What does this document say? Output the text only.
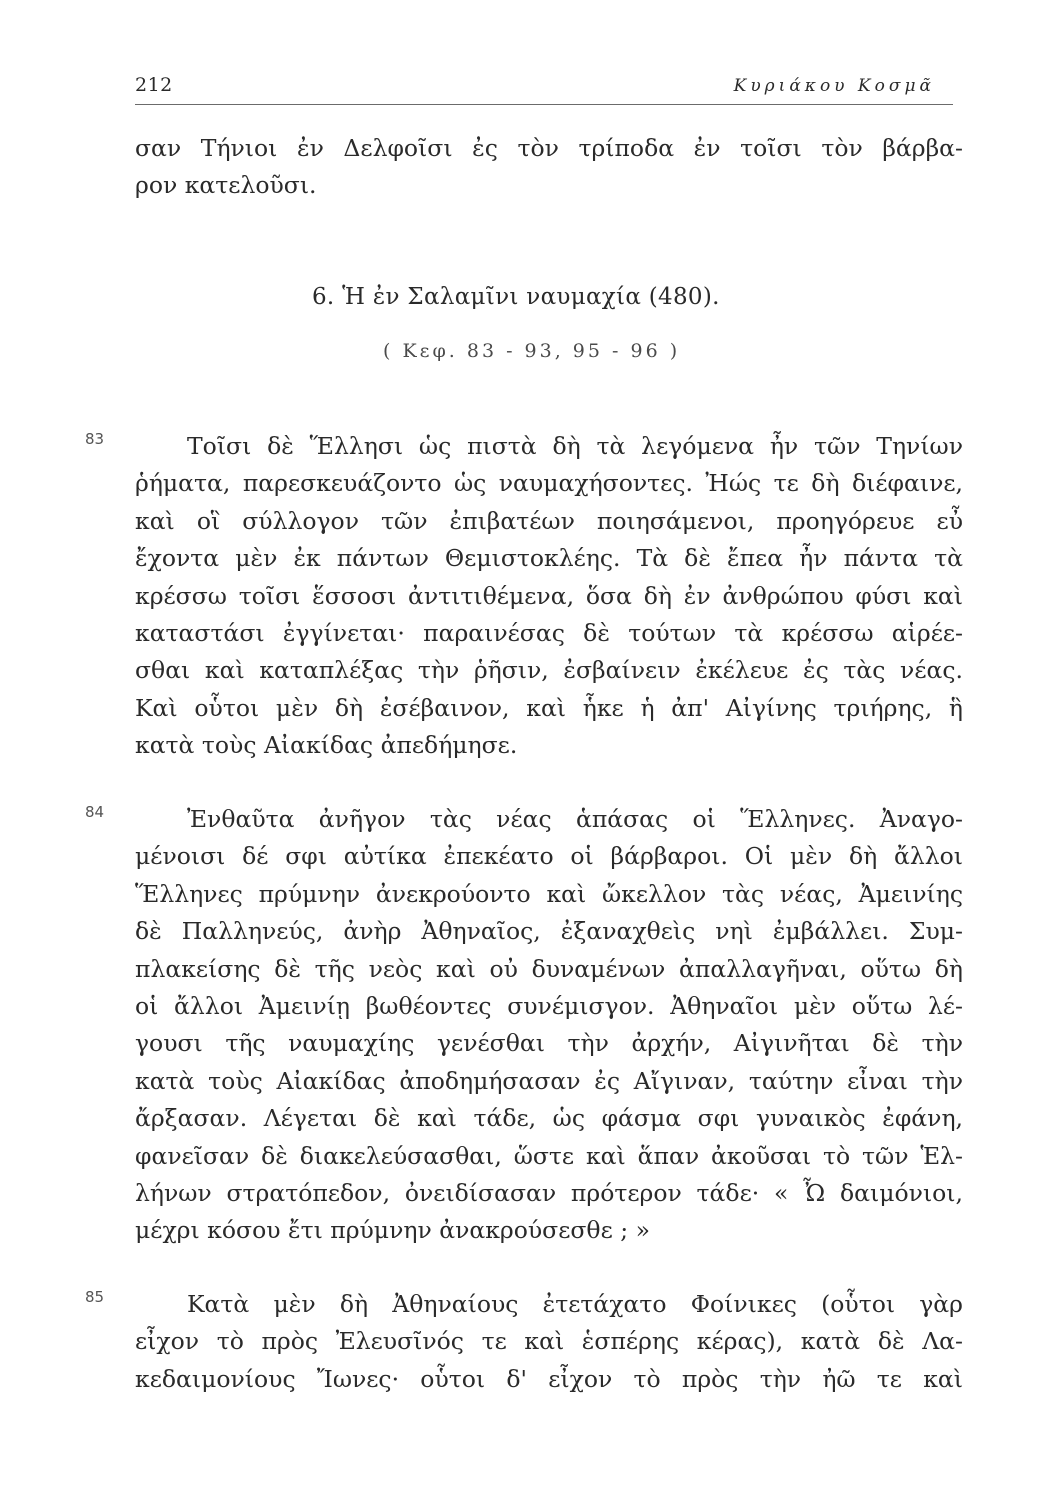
212	Κυριάκου Κοσμᾶ
σαν Τήνιοι ἐν Δελφοῖσι ἐς τὸν τρίποδα ἐν τοῖσι τὸν βάρβα-
ρον κατελοῦσι.
6. Ἡ ἐν Σαλαμῖνι ναυμαχία (480).
( Κεφ. 83 - 93, 95 - 96 )
83	Τοῖσι δὲ Ἕλλησι ὡς πιστὰ δὴ τὰ λεγόμενα ἦν τῶν Τηνίων
ῥήματα, παρεσκευάζοντο ὡς ναυμαχήσοντες. Ἠώς τε δὴ διέφαινε,
καὶ οἳ σύλλογον τῶν ἐπιβατέων ποιησάμενοι, προηγόρευε εὖ
ἔχοντα μὲν ἐκ πάντων Θεμιστοκλέης. Τὰ δὲ ἔπεα ἦν πάντα τὰ
κρέσσω τοῖσι ἕσσοσι ἀντιτιθέμενα, ὅσα δὴ ἐν ἀνθρώπου φύσι καὶ
καταστάσι ἐγγίνεται· παραινέσας δὲ τούτων τὰ κρέσσω αἱρέε-
σθαι καὶ καταπλέξας τὴν ῥῆσιν, ἐσβαίνειν ἐκέλευε ἐς τὰς νέας.
Καὶ οὗτοι μὲν δὴ ἐσέβαινον, καὶ ἧκε ἡ ἀπ' Αἰγίνης τριήρης, ἣ
κατὰ τοὺς Αἰακίδας ἀπεδήμησε.
84	Ἐνθαῦτα ἀνῆγον τὰς νέας ἁπάσας οἱ Ἕλληνες. Ἀναγο-
μένοισι δέ σφι αὐτίκα ἐπεκέατο οἱ βάρβαροι. Οἱ μὲν δὴ ἄλλοι
Ἕλληνες πρύμνην ἀνεκρούοντο καὶ ὤκελλον τὰς νέας, Ἀμεινίης
δὲ Παλληνεύς, ἀνὴρ Ἀθηναῖος, ἐξαναχθεὶς νηὶ ἐμβάλλει. Συμ-
πλακείσης δὲ τῆς νεὸς καὶ οὐ δυναμένων ἀπαλλαγῆναι, οὕτω δὴ
οἱ ἄλλοι Ἀμεινίῃ βωθέοντες συνέμισγον. Ἀθηναῖοι μὲν οὕτω λέ-
γουσι τῆς ναυμαχίης γενέσθαι τὴν ἀρχήν, Αἰγινῆται δὲ τὴν
κατὰ τοὺς Αἰακίδας ἀποδημήσασαν ἐς Αἴγιναν, ταύτην εἶναι τὴν
ἄρξασαν. Λέγεται δὲ καὶ τάδε, ὡς φάσμα σφι γυναικὸς ἐφάνη,
φανεῖσαν δὲ διακελεύσασθαι, ὥστε καὶ ἅπαν ἀκοῦσαι τὸ τῶν Ἑλ-
λήνων στρατόπεδον, ὀνειδίσασαν πρότερον τάδε· « Ὦ δαιμόνιοι,
μέχρι κόσου ἔτι πρύμνην ἀνακρούσεσθε ; »
85	Κατὰ μὲν δὴ Ἀθηναίους ἐτετάχατο Φοίνικες (οὗτοι γὰρ
εἶχον τὸ πρὸς Ἐλευσῖνός τε καὶ ἑσπέρης κέρας), κατὰ δὲ Λα-
κεδαιμονίους Ἴωνες· οὗτοι δ' εἶχον τὸ πρὸς τὴν ἠῶ τε καὶ
